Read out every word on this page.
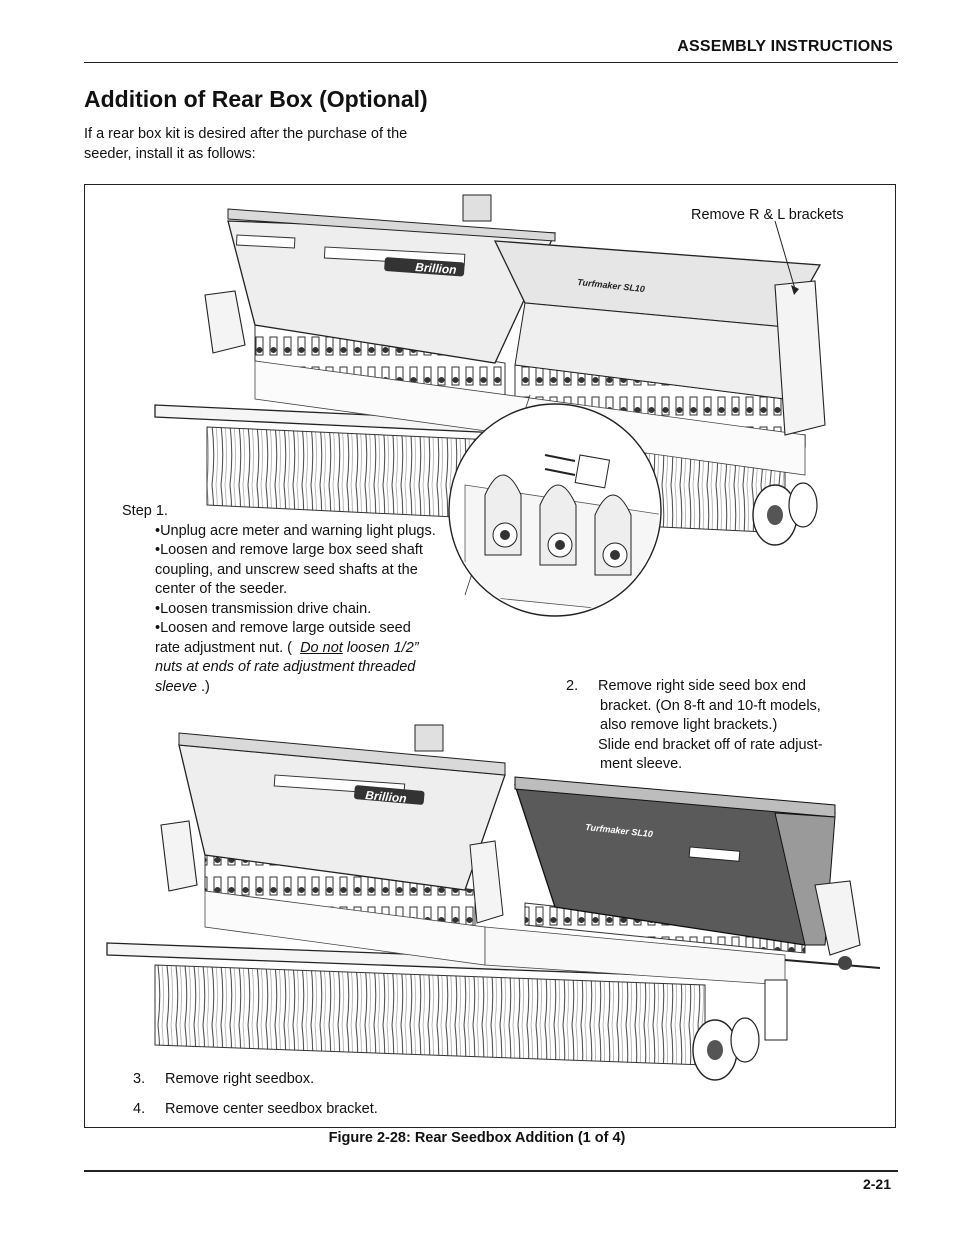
ASSEMBLY INSTRUCTIONS
Addition of Rear Box (Optional)
If a rear box kit is desired after the purchase of the seeder, install it as follows:
Brillion
Turfmaker SL10
Brillion
Turfmaker SL10
Remove R & L brackets
Step 1.
•Unplug acre meter and warning light plugs.
•Loosen and remove large box seed shaft coupling, and unscrew seed shafts at the center of the seeder.
•Loosen transmission drive chain.
•Loosen and remove large outside seed
rate adjustment nut. ( Do not loosen 1/2”
nuts at ends of rate adjustment threaded
sleeve .)	2. Remove right side seed box end
bracket. (On 8-ft and 10-ft models,
also remove light brackets.)
Slide end bracket off of rate adjust-
ment sleeve.
3. Remove right seedbox.
4. Remove center seedbox bracket.
Figure 2-28: Rear Seedbox Addition (1 of 4)
2-21
